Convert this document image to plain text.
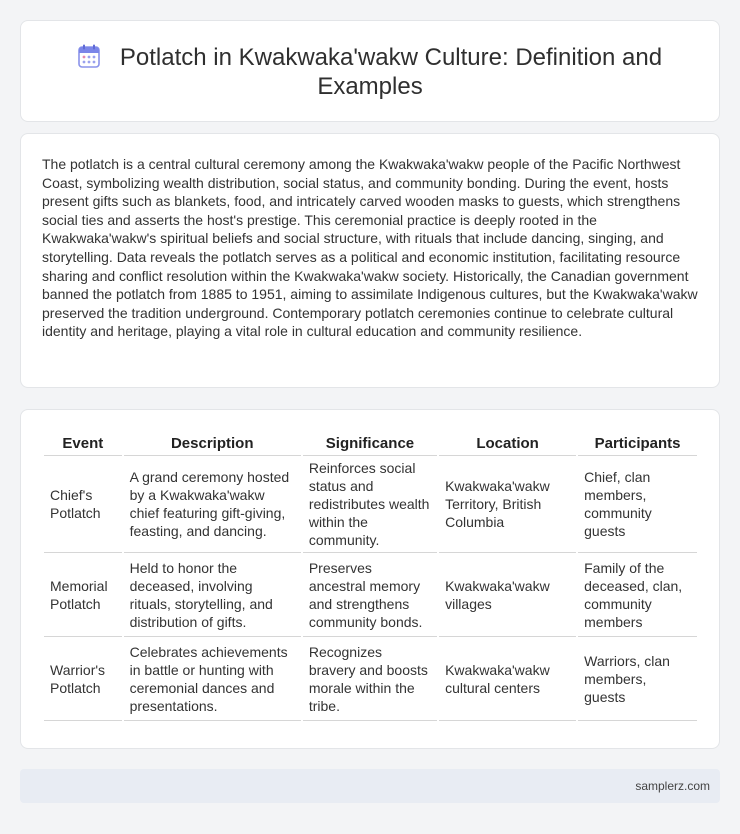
Potlatch in Kwakwaka'wakw Culture: Definition and Examples

The potlatch is a central cultural ceremony among the Kwakwaka'wakw people of the Pacific Northwest Coast, symbolizing wealth distribution, social status, and community bonding. During the event, hosts present gifts such as blankets, food, and intricately carved wooden masks to guests, which strengthens social ties and asserts the host's prestige. This ceremonial practice is deeply rooted in the Kwakwaka'wakw's spiritual beliefs and social structure, with rituals that include dancing, singing, and storytelling. Data reveals the potlatch serves as a political and economic institution, facilitating resource sharing and conflict resolution within the Kwakwaka'wakw society. Historically, the Canadian government banned the potlatch from 1885 to 1951, aiming to assimilate Indigenous cultures, but the Kwakwaka'wakw preserved the tradition underground. Contemporary potlatch ceremonies continue to celebrate cultural identity and heritage, playing a vital role in cultural education and community resilience.

Event	Description	Significance	Location	Participants
Chief's Potlatch	A grand ceremony hosted by a Kwakwaka'wakw chief featuring gift-giving, feasting, and dancing.	Reinforces social status and redistributes wealth within the community.	Kwakwaka'wakw Territory, British Columbia	Chief, clan members, community guests
Memorial Potlatch	Held to honor the deceased, involving rituals, storytelling, and distribution of gifts.	Preserves ancestral memory and strengthens community bonds.	Kwakwaka'wakw villages	Family of the deceased, clan, community members
Warrior's Potlatch	Celebrates achievements in battle or hunting with ceremonial dances and presentations.	Recognizes bravery and boosts morale within the tribe.	Kwakwaka'wakw cultural centers	Warriors, clan members, guests
samplerz.com
